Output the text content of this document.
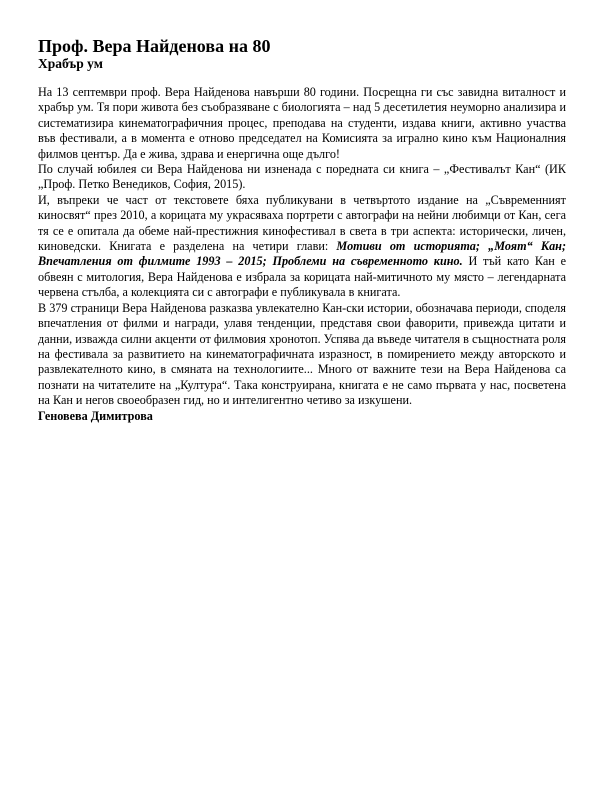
Проф. Вера Найденова на 80
Храбър ум

На 13 септември проф. Вера Найденова навърши 80 години. Посрещна ги със завидна виталност и храбър ум. Тя пори живота без съобразяване с биологията – над 5 десетилетия неуморно анализира и систематизира кинематографичния процес, преподава на студенти, издава книги, активно участва във фестивали, а в момента е отново председател на Комисията за игрално кино към Националния филмов център. Да е жива, здрава и енергична още дълго!

По случай юбилея си Вера Найденова ни изненада с поредната си книга – „Фестивалът Кан“ (ИК „Проф. Петко Венедиков, София, 2015).

И, въпреки че част от текстовете бяха публикувани в четвъртото издание на „Съвременният киносвят“ през 2010, а корицата му украсяваха портрети с автографи на нейни любимци от Кан, сега тя се е опитала да обеме най-престижния кинофестивал в света в три аспекта: исторически, личен, киноведски. Книгата е разделена на четири глави: Мотиви от историята; „Моят“ Кан; Впечатления от филмите 1993 – 2015; Проблеми на съвременното кино. И тъй като Кан е обвеян с митология, Вера Найденова е избрала за корицата най-митичното му място – легендарната червена стълба, а колекцията си с автографи е публикувала в книгата.

В 379 страници Вера Найденова разказва увлекателно Кан-ски истории, обозначава периоди, споделя впечатления от филми и награди, улавя тенденции, представя свои фаворити, привежда цитати и данни, изважда силни акценти от филмовия хронотоп. Успява да въведе читателя в същностната роля на фестивала за развитието на кинематографичната изразност, в помирението между авторското и развлекателното кино, в смяната на технологиите... Много от важните тези на Вера Найденова са познати на читателите на „Култура“. Така конструирана, книгата е не само първата у нас, посветена на Кан и негов своеобразен гид, но и интелигентно четиво за изкушени.

Геновева Димитрова
